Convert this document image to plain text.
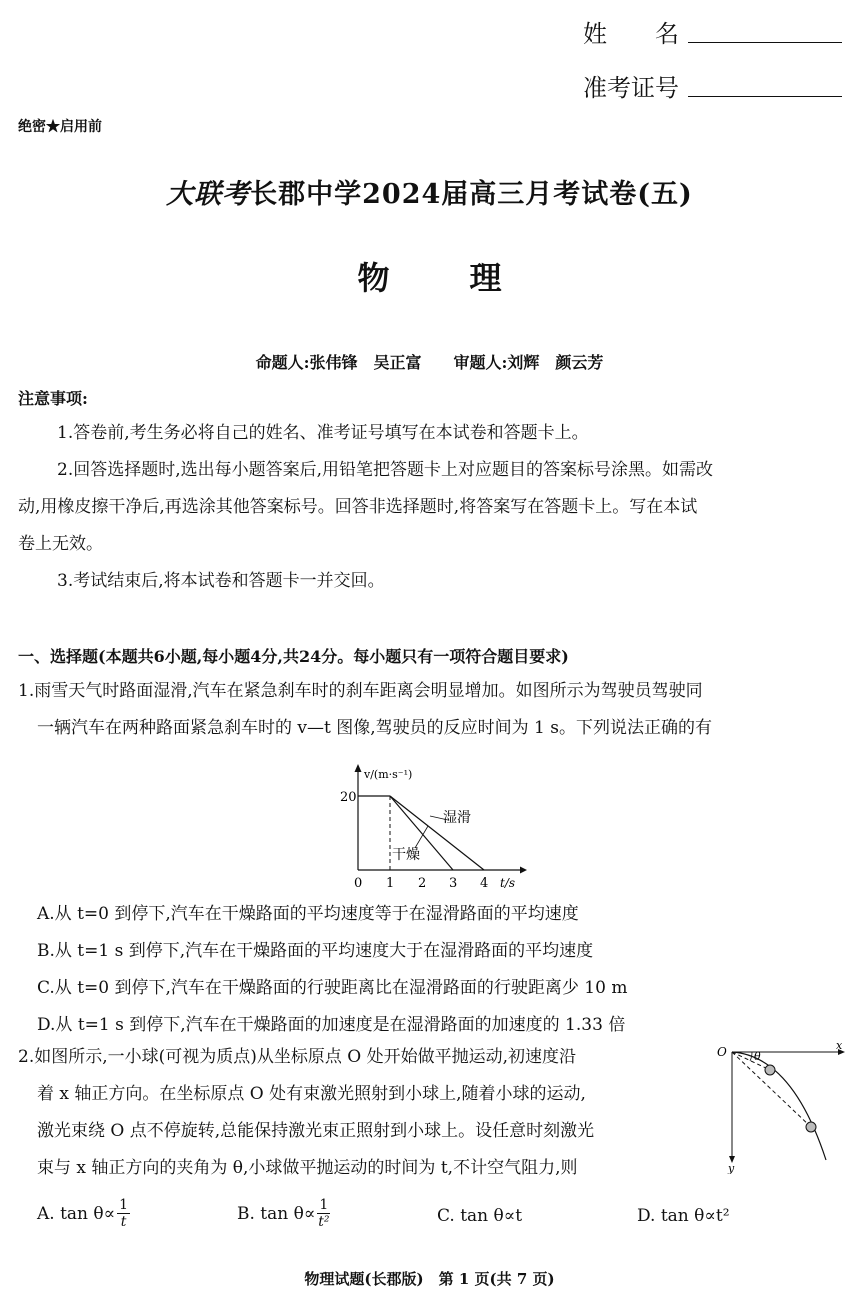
姓　　名
准考证号
绝密★启用前
大联考长郡中学2024届高三月考试卷(五)
物	理
命题人:张伟锋　吴正富　　审题人:刘辉　颜云芳
注意事项:
1.答卷前,考生务必将自己的姓名、准考证号填写在本试卷和答题卡上。
2.回答选择题时,选出每小题答案后,用铅笔把答题卡上对应题目的答案标号涂黑。如需改
动,用橡皮擦干净后,再选涂其他答案标号。回答非选择题时,将答案写在答题卡上。写在本试
卷上无效。
3.考试结束后,将本试卷和答题卡一并交回。
一、选择题(本题共6小题,每小题4分,共24分。每小题只有一项符合题目要求)
1.雨雪天气时路面湿滑,汽车在紧急刹车时的刹车距离会明显增加。如图所示为驾驶员驾驶同
一辆汽车在两种路面紧急刹车时的 v—t 图像,驾驶员的反应时间为 1 s。下列说法正确的有
v/(m·s⁻¹)
20
0 1 2 3 4 t/s
湿滑
干燥
A.从 t=0 到停下,汽车在干燥路面的平均速度等于在湿滑路面的平均速度
B.从 t=1 s 到停下,汽车在干燥路面的平均速度大于在湿滑路面的平均速度
C.从 t=0 到停下,汽车在干燥路面的行驶距离比在湿滑路面的行驶距离少 10 m
D.从 t=1 s 到停下,汽车在干燥路面的加速度是在湿滑路面的加速度的 1.33 倍
2.如图所示,一小球(可视为质点)从坐标原点 O 处开始做平抛运动,初速度沿
着 x 轴正方向。在坐标原点 O 处有束激光照射到小球上,随着小球的运动,
激光束绕 O 点不停旋转,总能保持激光束正照射到小球上。设任意时刻激光
束与 x 轴正方向的夹角为 θ,小球做平抛运动的时间为 t,不计空气阻力,则
O θ
x
y
A. $\tan \theta\propto \frac{1}{t}$	B. $\tan \theta\propto \frac{1}{\text{t²}}$	C. tan θ∝t	D. tan θ∝t²
物理试题(长郡版)　第 1 页(共 7 页)
